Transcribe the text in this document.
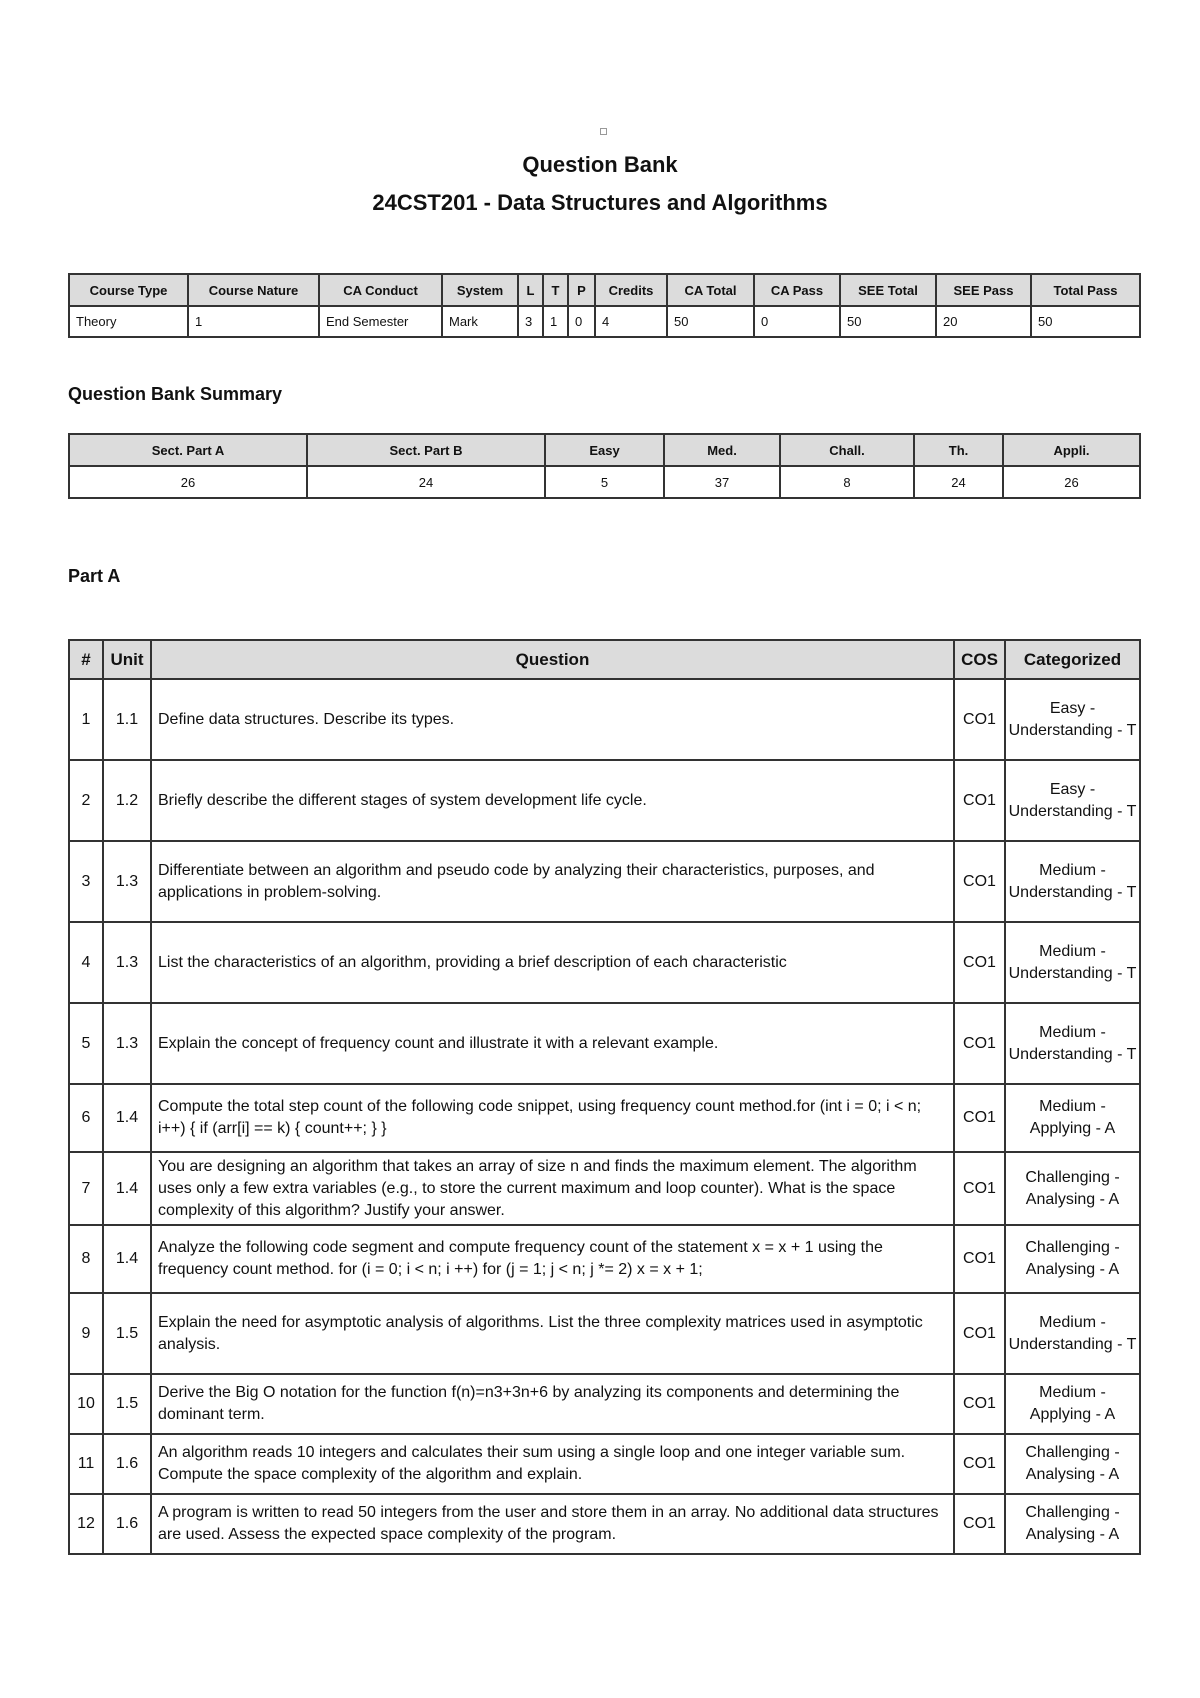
Question Bank
24CST201 - Data Structures and Algorithms
Course Type	Course Nature	CA Conduct	System	L	T	P	Credits	CA Total	CA Pass	SEE Total	SEE Pass	Total Pass
Theory	1	End Semester	Mark	3	1	0	4	50	0	50	20	50
Question Bank Summary
Sect. Part A	Sect. Part B	Easy	Med.	Chall.	Th.	Appli.
26	24	5	37	8	24	26
Part A
#	Unit	Question	COS	Categorized
1	1.1	Define data structures. Describe its types.	CO1	Easy - Understanding - T
2	1.2	Briefly describe the different stages of system development life cycle.	CO1	Easy - Understanding - T
3	1.3	Differentiate between an algorithm and pseudo code by analyzing their characteristics, purposes, and applications in problem-solving.	CO1	Medium - Understanding - T
4	1.3	List the characteristics of an algorithm, providing a brief description of each characteristic	CO1	Medium - Understanding - T
5	1.3	Explain the concept of frequency count and illustrate it with a relevant example.	CO1	Medium - Understanding - T
6	1.4	Compute the total step count of the following code snippet, using frequency count method.for (int i = 0; i < n; i++) { if (arr[i] == k) { count++; } }	CO1	Medium - Applying - A
7	1.4	You are designing an algorithm that takes an array of size n and finds the maximum element. The algorithm uses only a few extra variables (e.g., to store the current maximum and loop counter). What is the space complexity of this algorithm? Justify your answer.	CO1	Challenging - Analysing - A
8	1.4	Analyze the following code segment and compute frequency count of the statement x = x + 1 using the frequency count method. for (i = 0; i < n; i ++) for (j = 1; j < n; j *= 2) x = x + 1;	CO1	Challenging - Analysing - A
9	1.5	Explain the need for asymptotic analysis of algorithms. List the three complexity matrices used in asymptotic analysis.	CO1	Medium - Understanding - T
10	1.5	Derive the Big O notation for the function f(n)=n3+3n+6 by analyzing its components and determining the dominant term.	CO1	Medium - Applying - A
11	1.6	An algorithm reads 10 integers and calculates their sum using a single loop and one integer variable sum. Compute the space complexity of the algorithm and explain.	CO1	Challenging - Analysing - A
12	1.6	A program is written to read 50 integers from the user and store them in an array. No additional data structures are used. Assess the expected space complexity of the program.	CO1	Challenging - Analysing - A
